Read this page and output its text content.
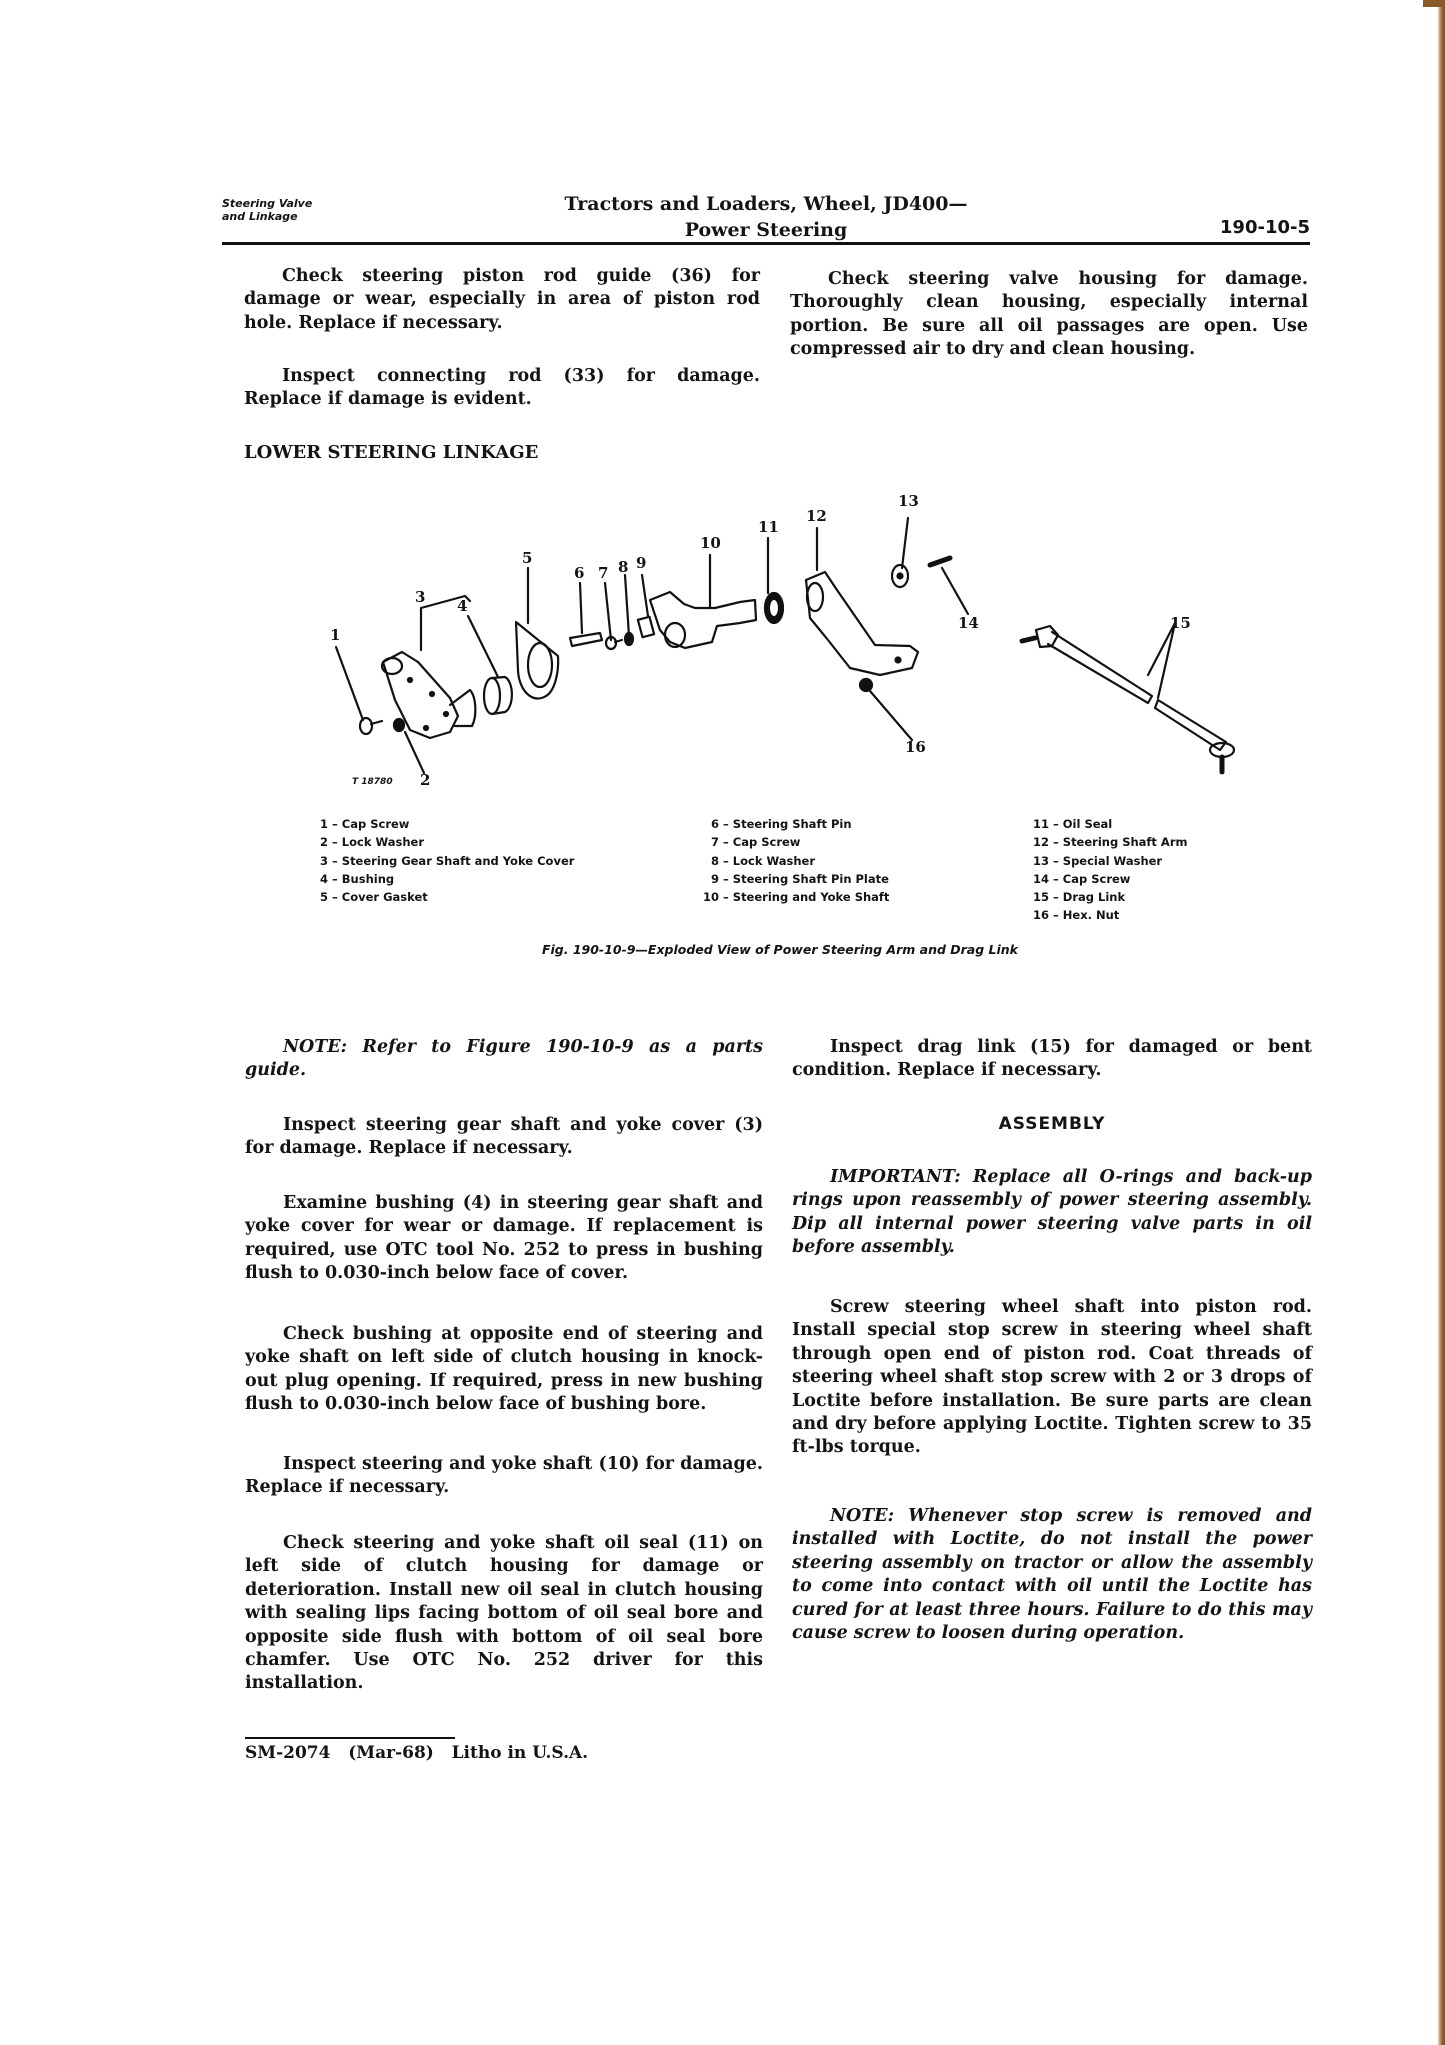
Steering Valve
and Linkage
Tractors and Loaders, Wheel, JD400—
Power Steering	190-10-5

Check steering piston rod guide (36) for damage or wear, especially in area of piston rod hole. Replace if necessary.

Inspect connecting rod (33) for damage. Replace if damage is evident.

LOWER STEERING LINKAGE

Check steering valve housing for damage. Thoroughly clean housing, especially internal portion. Be sure all oil passages are open. Use compressed air to dry and clean housing.

1
2
3 4
5
6 7 8 9
10
11
12
13
14	15
16
T 18780
1 – Cap Screw
2 – Lock Washer
3 – Steering Gear Shaft and Yoke Cover
4 – Bushing
5 – Cover Gasket
6 – Steering Shaft Pin
7 – Cap Screw
8 – Lock Washer
9 – Steering Shaft Pin Plate
10 – Steering and Yoke Shaft
11 – Oil Seal
12 – Steering Shaft Arm
13 – Special Washer
14 – Cap Screw
15 – Drag Link
16 – Hex. Nut
Fig. 190-10-9—Exploded View of Power Steering Arm and Drag Link

NOTE: Refer to Figure 190-10-9 as a parts guide.

Inspect steering gear shaft and yoke cover (3) for damage. Replace if necessary.

Examine bushing (4) in steering gear shaft and yoke cover for wear or damage. If replacement is required, use OTC tool No. 252 to press in bushing flush to 0.030-inch below face of cover.

Check bushing at opposite end of steering and yoke shaft on left side of clutch housing in knock-out plug opening. If required, press in new bushing flush to 0.030-inch below face of bushing bore.

Inspect steering and yoke shaft (10) for damage. Replace if necessary.

Check steering and yoke shaft oil seal (11) on left side of clutch housing for damage or deterioration. Install new oil seal in clutch housing with sealing lips facing bottom of oil seal bore and opposite side flush with bottom of oil seal bore chamfer. Use OTC No. 252 driver for this installation.

Inspect drag link (15) for damaged or bent condition. Replace if necessary.

ASSEMBLY

IMPORTANT: Replace all O-rings and back-up rings upon reassembly of power steering assembly. Dip all internal power steering valve parts in oil before assembly.

Screw steering wheel shaft into piston rod. Install special stop screw in steering wheel shaft through open end of piston rod. Coat threads of steering wheel shaft stop screw with 2 or 3 drops of Loctite before installation. Be sure parts are clean and dry before applying Loctite. Tighten screw to 35 ft-lbs torque.

NOTE: Whenever stop screw is removed and installed with Loctite, do not install the power steering assembly on tractor or allow the assembly to come into contact with oil until the Loctite has cured for at least three hours. Failure to do this may cause screw to loosen during operation.

SM-2074 (Mar-68) Litho in U.S.A.
